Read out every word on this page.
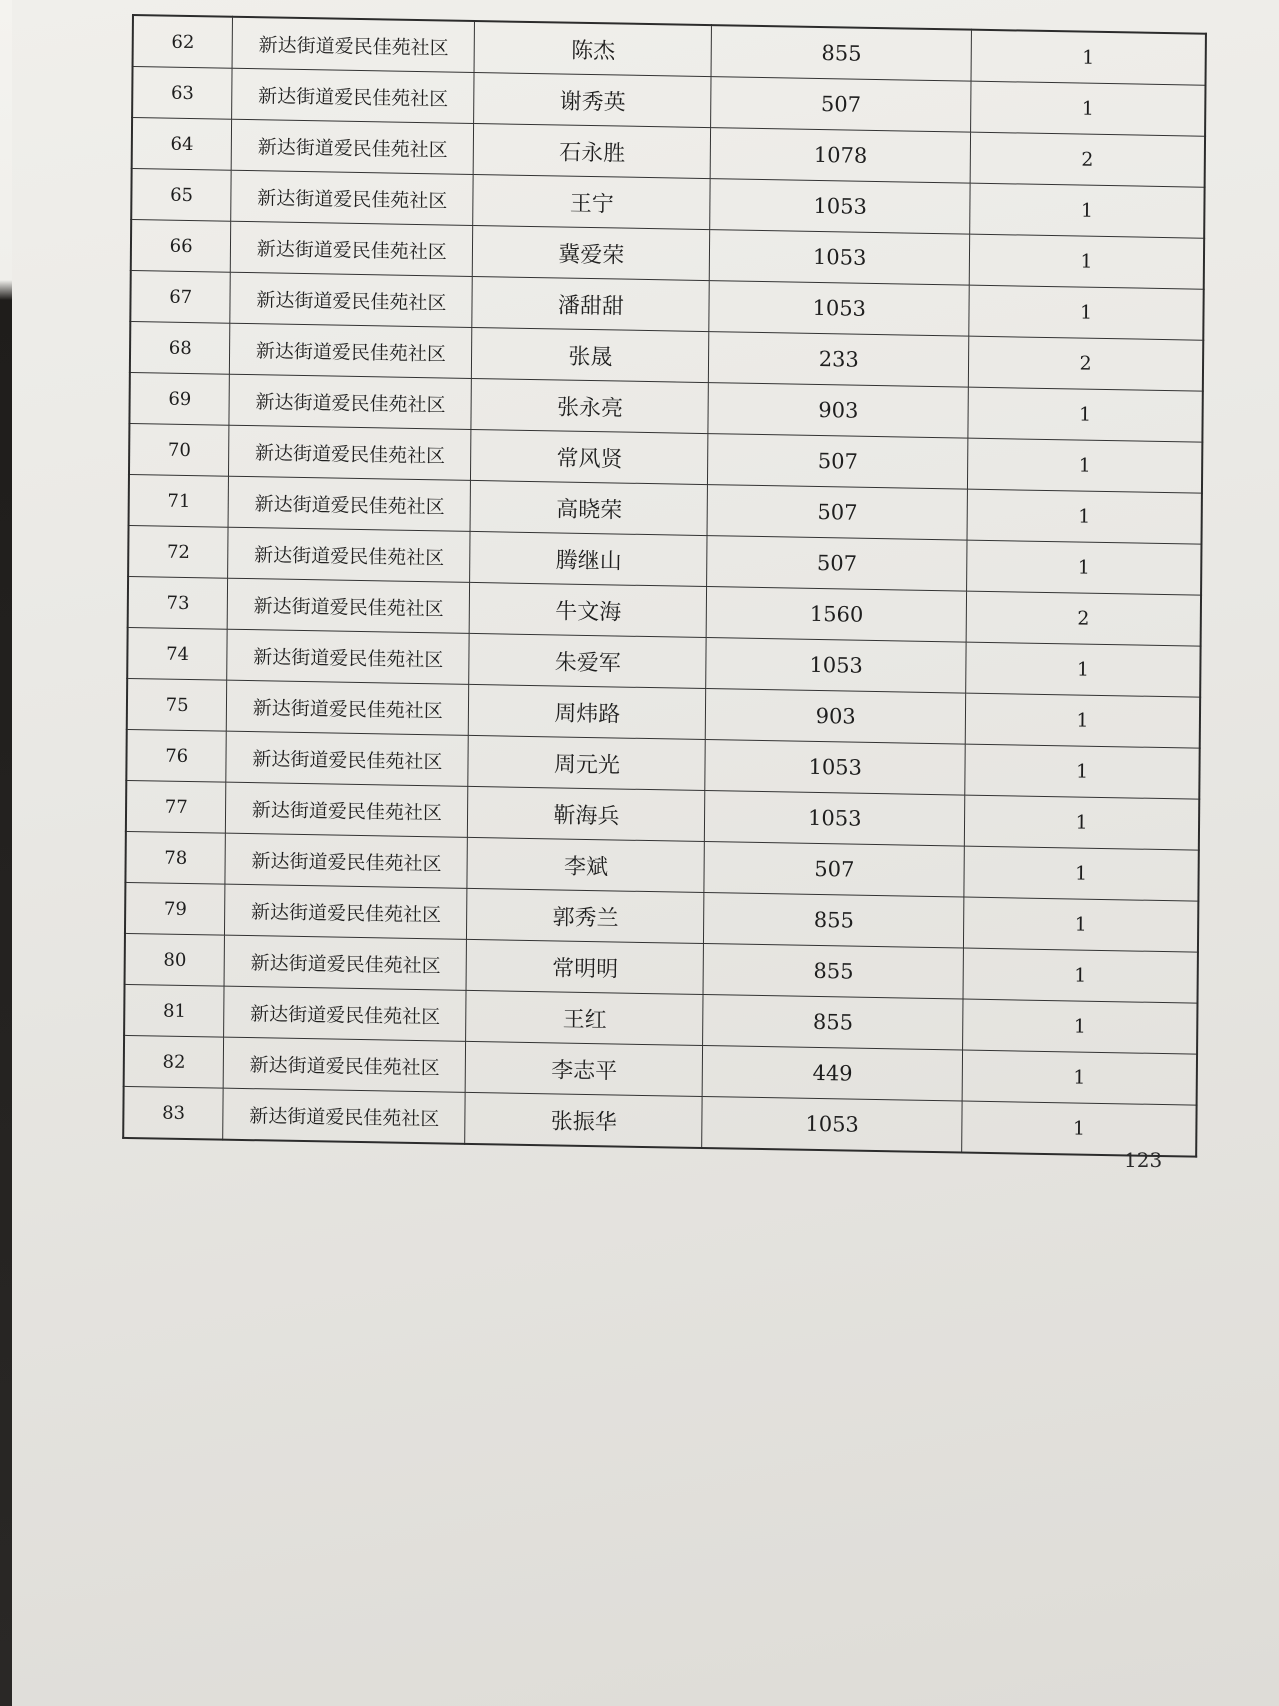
62	新达街道爱民佳苑社区	陈杰	855	1
63	新达街道爱民佳苑社区	谢秀英	507	1
64	新达街道爱民佳苑社区	石永胜	1078	2
65	新达街道爱民佳苑社区	王宁	1053	1
66	新达街道爱民佳苑社区	冀爱荣	1053	1
67	新达街道爱民佳苑社区	潘甜甜	1053	1
68	新达街道爱民佳苑社区	张晟	233	2
69	新达街道爱民佳苑社区	张永亮	903	1
70	新达街道爱民佳苑社区	常风贤	507	1
71	新达街道爱民佳苑社区	高晓荣	507	1
72	新达街道爱民佳苑社区	腾继山	507	1
73	新达街道爱民佳苑社区	牛文海	1560	2
74	新达街道爱民佳苑社区	朱爱军	1053	1
75	新达街道爱民佳苑社区	周炜路	903	1
76	新达街道爱民佳苑社区	周元光	1053	1
77	新达街道爱民佳苑社区	靳海兵	1053	1
78	新达街道爱民佳苑社区	李斌	507	1
79	新达街道爱民佳苑社区	郭秀兰	855	1
80	新达街道爱民佳苑社区	常明明	855	1
81	新达街道爱民佳苑社区	王红	855	1
82	新达街道爱民佳苑社区	李志平	449	1
83	新达街道爱民佳苑社区	张振华	1053	1
123
